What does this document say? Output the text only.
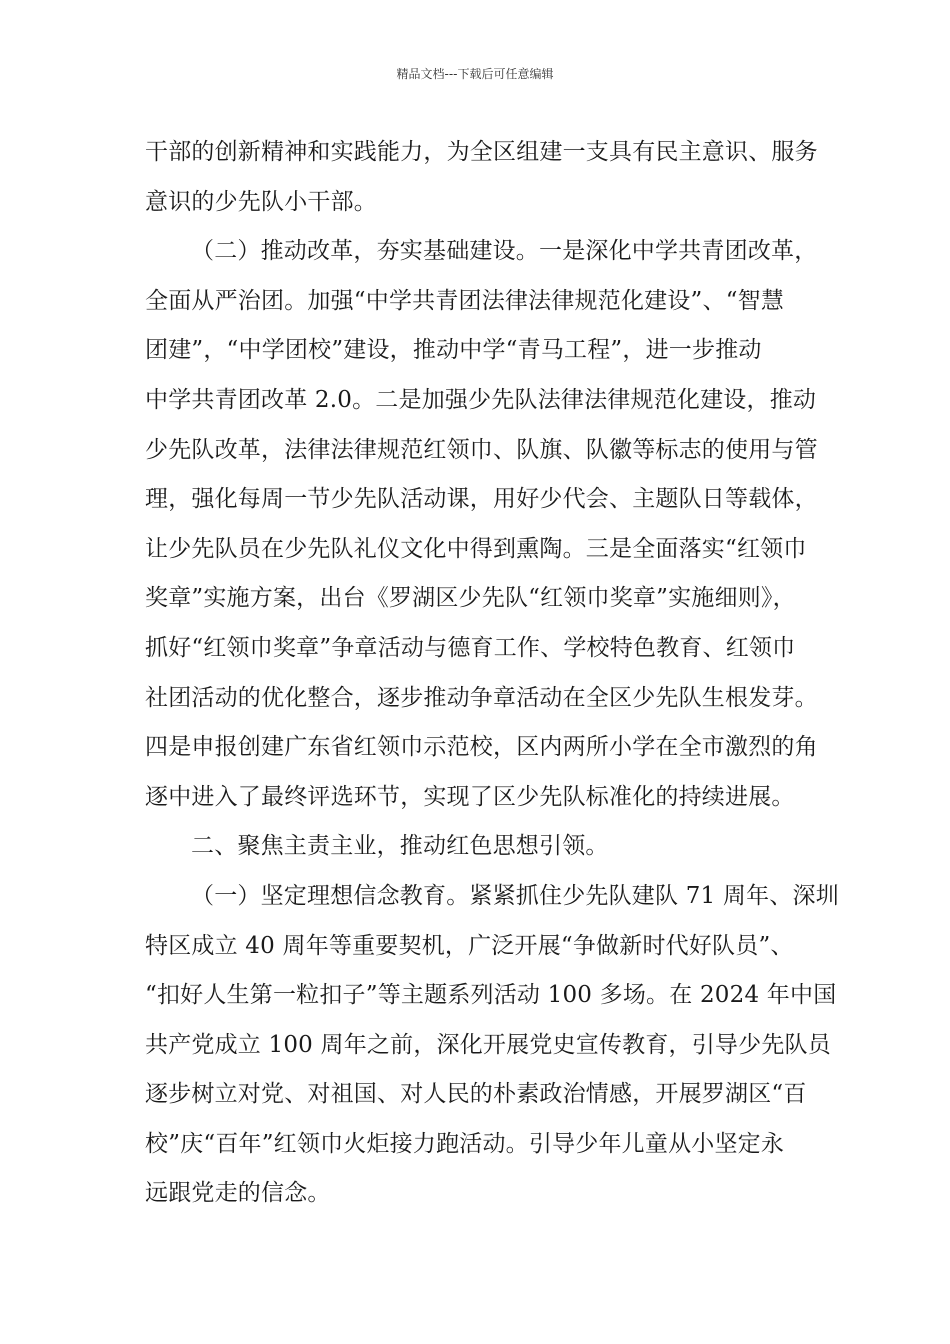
精品文档---下载后可任意编辑
干部的创新精神和实践能力，为全区组建一支具有民主意识、服务
意识的少先队小干部。
（二）推动改革，夯实基础建设。一是深化中学共青团改革，
全面从严治团。加强“中学共青团法律法律规范化建设”、“智慧
团建”，“中学团校”建设，推动中学“青马工程”，进一步推动
中学共青团改革 2.0。二是加强少先队法律法律规范化建设，推动
少先队改革，法律法律规范红领巾、队旗、队徽等标志的使用与管
理，强化每周一节少先队活动课，用好少代会、主题队日等载体，
让少先队员在少先队礼仪文化中得到熏陶。三是全面落实“红领巾
奖章”实施方案，出台《罗湖区少先队“红领巾奖章”实施细则》，
抓好“红领巾奖章”争章活动与德育工作、学校特色教育、红领巾
社团活动的优化整合，逐步推动争章活动在全区少先队生根发芽。
四是申报创建广东省红领巾示范校，区内两所小学在全市激烈的角
逐中进入了最终评选环节，实现了区少先队标准化的持续进展。
二、聚焦主责主业，推动红色思想引领。
（一）坚定理想信念教育。紧紧抓住少先队建队 71 周年、深圳
特区成立 40 周年等重要契机，广泛开展“争做新时代好队员”、
“扣好人生第一粒扣子”等主题系列活动 100 多场。在 2024 年中国
共产党成立 100 周年之前，深化开展党史宣传教育，引导少先队员
逐步树立对党、对祖国、对人民的朴素政治情感，开展罗湖区“百
校”庆“百年”红领巾火炬接力跑活动。引导少年儿童从小坚定永
远跟党走的信念。
